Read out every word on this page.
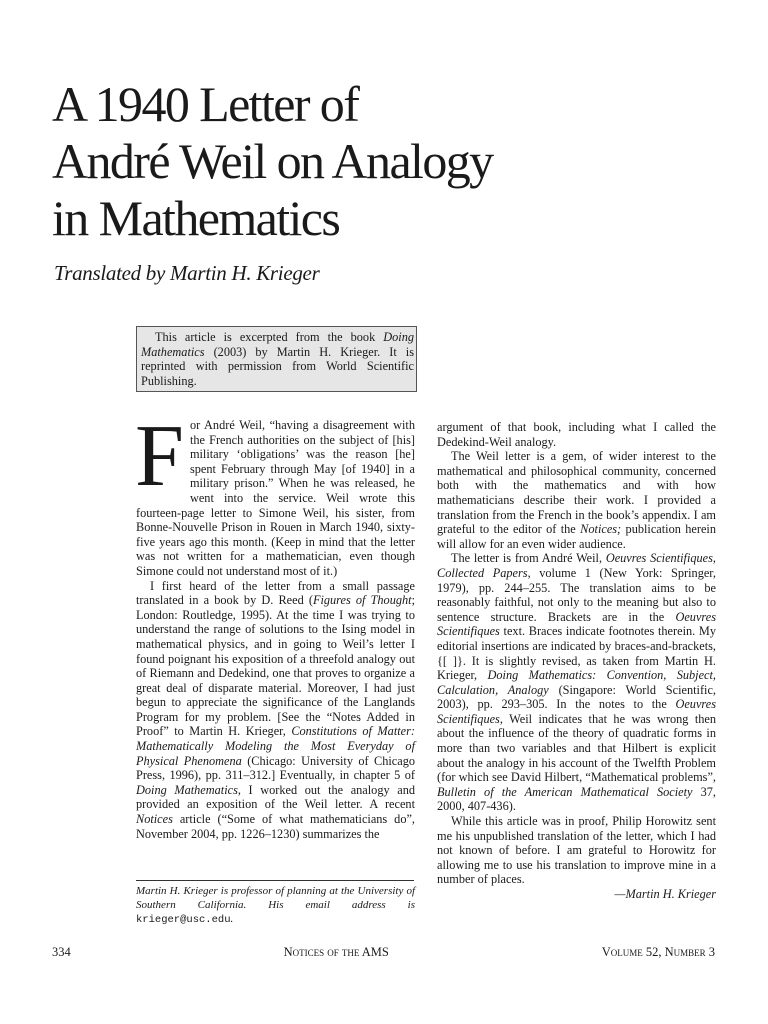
A 1940 Letter of
André Weil on Analogy
in Mathematics

Translated by Martin H. Krieger

This article is excerpted from the book Doing Mathematics (2003) by Martin H. Krieger. It is reprinted with permission from World Scientific Publishing.

For André Weil, “having a disagreement with the French authorities on the subject of [his] military ‘obligations’ was the reason [he] spent February through May [of 1940] in a military prison.” When he was released, he went into the service. Weil wrote this fourteen-page letter to Simone Weil, his sister, from Bonne-Nouvelle Prison in Rouen in March 1940, sixty-five years ago this month. (Keep in mind that the letter was not written for a mathematician, even though Simone could not understand most of it.)

I first heard of the letter from a small passage translated in a book by D. Reed (Figures of Thought; London: Routledge, 1995). At the time I was trying to understand the range of solutions to the Ising model in mathematical physics, and in going to Weil’s letter I found poignant his exposition of a threefold analogy out of Riemann and Dedekind, one that proves to organize a great deal of disparate material. Moreover, I had just begun to appreciate the significance of the Langlands Program for my problem. [See the “Notes Added in Proof” to Martin H. Krieger, Constitutions of Matter: Mathematically Modeling the Most Everyday of Physical Phenomena (Chicago: University of Chicago Press, 1996), pp. 311–312.] Eventually, in chapter 5 of Doing Mathematics, I worked out the analogy and provided an exposition of the Weil letter. A recent Notices article (“Some of what mathematicians do”, November 2004, pp. 1226–1230) summarizes the

argument of that book, including what I called the Dedekind-Weil analogy.

The Weil letter is a gem, of wider interest to the mathematical and philosophical community, concerned both with the mathematics and with how mathematicians describe their work. I provided a translation from the French in the book’s appendix. I am grateful to the editor of the Notices; publication herein will allow for an even wider audience.

The letter is from André Weil, Oeuvres Scientifiques, Collected Papers, volume 1 (New York: Springer, 1979), pp. 244–255. The translation aims to be reasonably faithful, not only to the meaning but also to sentence structure. Brackets are in the Oeuvres Scientifiques text. Braces indicate footnotes therein. My editorial insertions are indicated by braces-and-brackets, {[ ]}. It is slightly revised, as taken from Martin H. Krieger, Doing Mathematics: Convention, Subject, Calculation, Analogy (Singapore: World Scientific, 2003), pp. 293–305. In the notes to the Oeuvres Scientifiques, Weil indicates that he was wrong then about the influence of the theory of quadratic forms in more than two variables and that Hilbert is explicit about the analogy in his account of the Twelfth Problem (for which see David Hilbert, “Mathematical problems”, Bulletin of the American Mathematical Society 37, 2000, 407-436).

While this article was in proof, Philip Horowitz sent me his unpublished translation of the letter, which I had not known of before. I am grateful to Horowitz for allowing me to use his translation to improve mine in a number of places.

—Martin H. Krieger

Martin H. Krieger is professor of planning at the University of Southern California. His email address is krieger@usc.edu.
334	Notices of the AMS	Volume 52, Number 3
